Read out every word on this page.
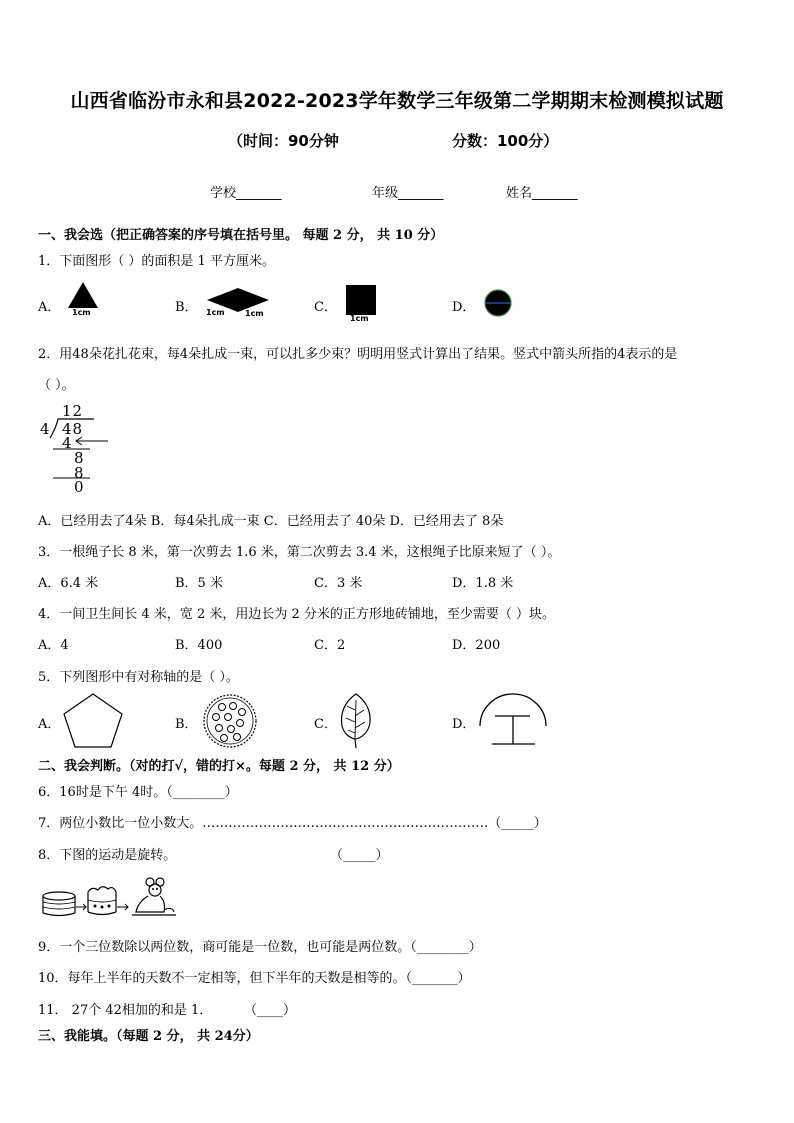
山西省临汾市永和县2022-2023学年数学三年级第二学期期末检测模拟试题
（时间：90分钟	分数：100分）
学校_______	年级_______	姓名_______
一、我会选（把正确答案的序号填在括号里。 每题 2 分， 共 10 分）
1．下面图形（ ）的面积是 1 平方厘米。
A． 1cm	B． 1cm	1cm	C．
1cm
D．
2．用48朵花扎花束，每4朵扎成一束，可以扎多少束？明明用竖式计算出了结果。竖式中箭头所指的4表示的是
（ ）。
12
4 48
4
8
8
0
A．已经用去了4朵 B．每4朵扎成一束 C．已经用去了 40朵 D．已经用去了 8朵
3．一根绳子长 8 米，第一次剪去 1.6 米，第二次剪去 3.4 米，这根绳子比原来短了（ ）。
A．6.4 米	B．5 米	C．3 米	D．1.8 米
4．一间卫生间长 4 米，宽 2 米，用边长为 2 分米的正方形地砖铺地，至少需要（ ）块。
A．4	B．400	C．2	D．200
5．下列图形中有对称轴的是（ ）。
A．	B．	C．	D．
二、我会判断。（对的打√，错的打×。每题 2 分， 共 12 分）
6．16时是下午 4时。（________）
7．两位小数比一位小数大。…………………………………………………………（_____）
8．下图的运动是旋转。	（_____）
9．一个三位数除以两位数，商可能是一位数，也可能是两位数。（________）
10．每年上半年的天数不一定相等，但下半年的天数是相等的。（_______）
11． 27个 42相加的和是 1． （____）
三、我能填。（每题 2 分， 共 24分）
